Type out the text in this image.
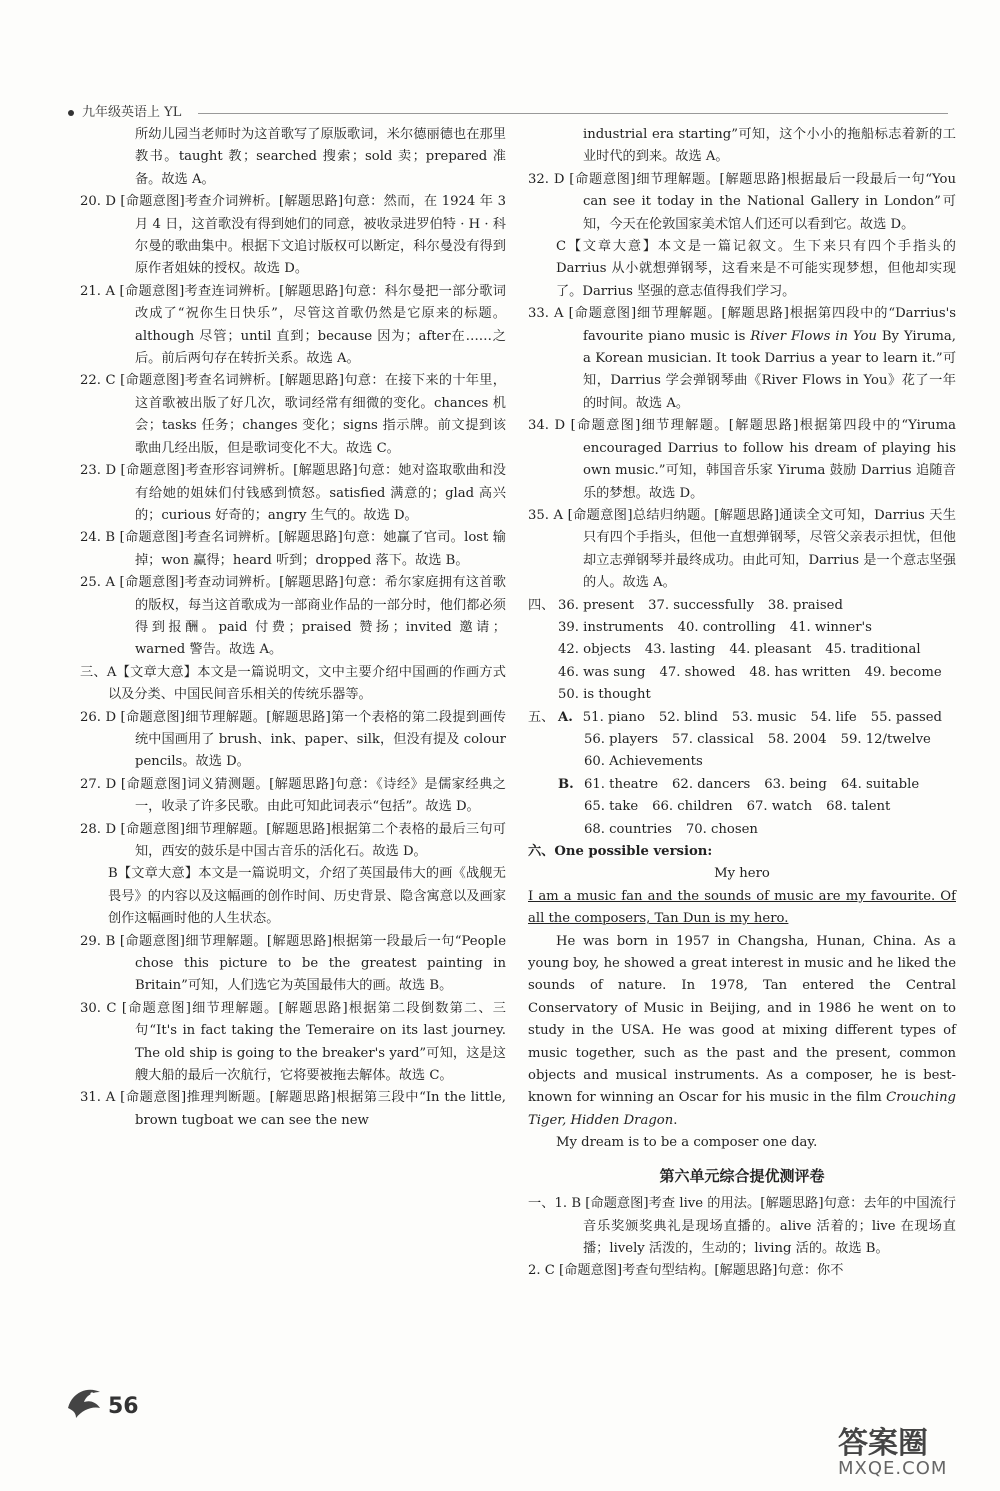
九年级英语上 YL
所幼儿园当老师时为这首歌写了原版歌词，米尔德丽德也在那里教书。taught 教；searched 搜索；sold 卖；prepared 准备。故选 A。
20. D [命题意图]考查介词辨析。[解题思路]句意：然而，在 1924 年 3 月 4 日，这首歌没有得到她们的同意，被收录进罗伯特 · H · 科尔曼的歌曲集中。根据下文追讨版权可以断定，科尔曼没有得到原作者姐妹的授权。故选 D。
21. A [命题意图]考查连词辨析。[解题思路]句意：科尔曼把一部分歌词改成了“祝你生日快乐”，尽管这首歌仍然是它原来的标题。although 尽管；until 直到；because 因为；after在……之后。前后两句存在转折关系。故选 A。
22. C [命题意图]考查名词辨析。[解题思路]句意：在接下来的十年里，这首歌被出版了好几次，歌词经常有细微的变化。chances 机会；tasks 任务；changes 变化；signs 指示牌。前文提到该歌曲几经出版，但是歌词变化不大。故选 C。
23. D [命题意图]考查形容词辨析。[解题思路]句意：她对盗取歌曲和没有给她的姐妹们付钱感到愤怒。satisfied 满意的；glad 高兴的；curious 好奇的；angry 生气的。故选 D。
24. B [命题意图]考查名词辨析。[解题思路]句意：她赢了官司。lost 输掉；won 赢得；heard 听到；dropped 落下。故选 B。
25. A [命题意图]考查动词辨析。[解题思路]句意：希尔家庭拥有这首歌的版权，每当这首歌成为一部商业作品的一部分时，他们都必须得到报酬。paid 付费；praised 赞扬；invited 邀请；warned 警告。故选 A。
三、A【文章大意】本文是一篇说明文，文中主要介绍中国画的作画方式以及分类、中国民间音乐相关的传统乐器等。
26. D [命题意图]细节理解题。[解题思路]第一个表格的第二段提到画传统中国画用了 brush、ink、paper、silk，但没有提及 colour pencils。故选 D。
27. D [命题意图]词义猜测题。[解题思路]句意：《诗经》是儒家经典之一，收录了许多民歌。由此可知此词表示“包括”。故选 D。
28. D [命题意图]细节理解题。[解题思路]根据第二个表格的最后三句可知，西安的鼓乐是中国古音乐的活化石。故选 D。
B【文章大意】本文是一篇说明文，介绍了英国最伟大的画《战舰无畏号》的内容以及这幅画的创作时间、历史背景、隐含寓意以及画家创作这幅画时他的人生状态。
29. B [命题意图]细节理解题。[解题思路]根据第一段最后一句“People chose this picture to be the greatest painting in Britain”可知，人们选它为英国最伟大的画。故选 B。
30. C [命题意图]细节理解题。[解题思路]根据第二段倒数第二、三句“It's in fact taking the Temeraire on its last journey. The old ship is going to the breaker's yard”可知，这是这艘大船的最后一次航行，它将要被拖去解体。故选 C。
31. A [命题意图]推理判断题。[解题思路]根据第三段中“In the little, brown tugboat we can see the new
industrial era starting”可知，这个小小的拖船标志着新的工业时代的到来。故选 A。
32. D [命题意图]细节理解题。[解题思路]根据最后一段最后一句“You can see it today in the National Gallery in London”可知，今天在伦敦国家美术馆人们还可以看到它。故选 D。
C【文章大意】本文是一篇记叙文。生下来只有四个手指头的 Darrius 从小就想弹钢琴，这看来是不可能实现梦想，但他却实现了。Darrius 坚强的意志值得我们学习。
33. A [命题意图]细节理解题。[解题思路]根据第四段中的“Darrius's favourite piano music is River Flows in You By Yiruma, a Korean musician. It took Darrius a year to learn it.”可知，Darrius 学会弹钢琴曲《River Flows in You》花了一年的时间。故选 A。
34. D [命题意图]细节理解题。[解题思路]根据第四段中的“Yiruma encouraged Darrius to follow his dream of playing his own music.”可知，韩国音乐家 Yiruma 鼓励 Darrius 追随音乐的梦想。故选 D。
35. A [命题意图]总结归纳题。[解题思路]通读全文可知，Darrius 天生只有四个手指头，但他一直想弹钢琴，尽管父亲表示担忧，但他却立志弹钢琴并最终成功。由此可知，Darrius 是一个意志坚强的人。故选 A。
四、 36. present 37. successfully 38. praised
39. instruments 40. controlling 41. winner's
42. objects 43. lasting 44. pleasant 45. traditional
46. was sung 47. showed 48. has written 49. become
50. is thought
五、 A. 51. piano 52. blind 53. music 54. life 55. passed
56. players 57. classical 58. 2004 59. 12/twelve
60. Achievements
B. 61. theatre 62. dancers 63. being 64. suitable
65. take 66. children 67. watch 68. talent
68. countries 70. chosen
六、One possible version:
My hero
I am a music fan and the sounds of music are my favourite. Of all the composers, Tan Dun is my hero.
He was born in 1957 in Changsha, Hunan, China. As a young boy, he showed a great interest in music and he liked the sounds of nature. In 1978, Tan entered the Central Conservatory of Music in Beijing, and in 1986 he went on to study in the USA. He was good at mixing different types of music together, such as the past and the present, common objects and musical instruments. As a composer, he is best-known for winning an Oscar for his music in the film Crouching Tiger, Hidden Dragon.
My dream is to be a composer one day.
第六单元综合提优测评卷
一、1. B [命题意图]考查 live 的用法。[解题思路]句意：去年的中国流行音乐奖颁奖典礼是现场直播的。alive 活着的；live 在现场直播；lively 活泼的，生动的；living 活的。故选 B。
2. C [命题意图]考查句型结构。[解题思路]句意：你不
56
答案圈
MXQE.COM
